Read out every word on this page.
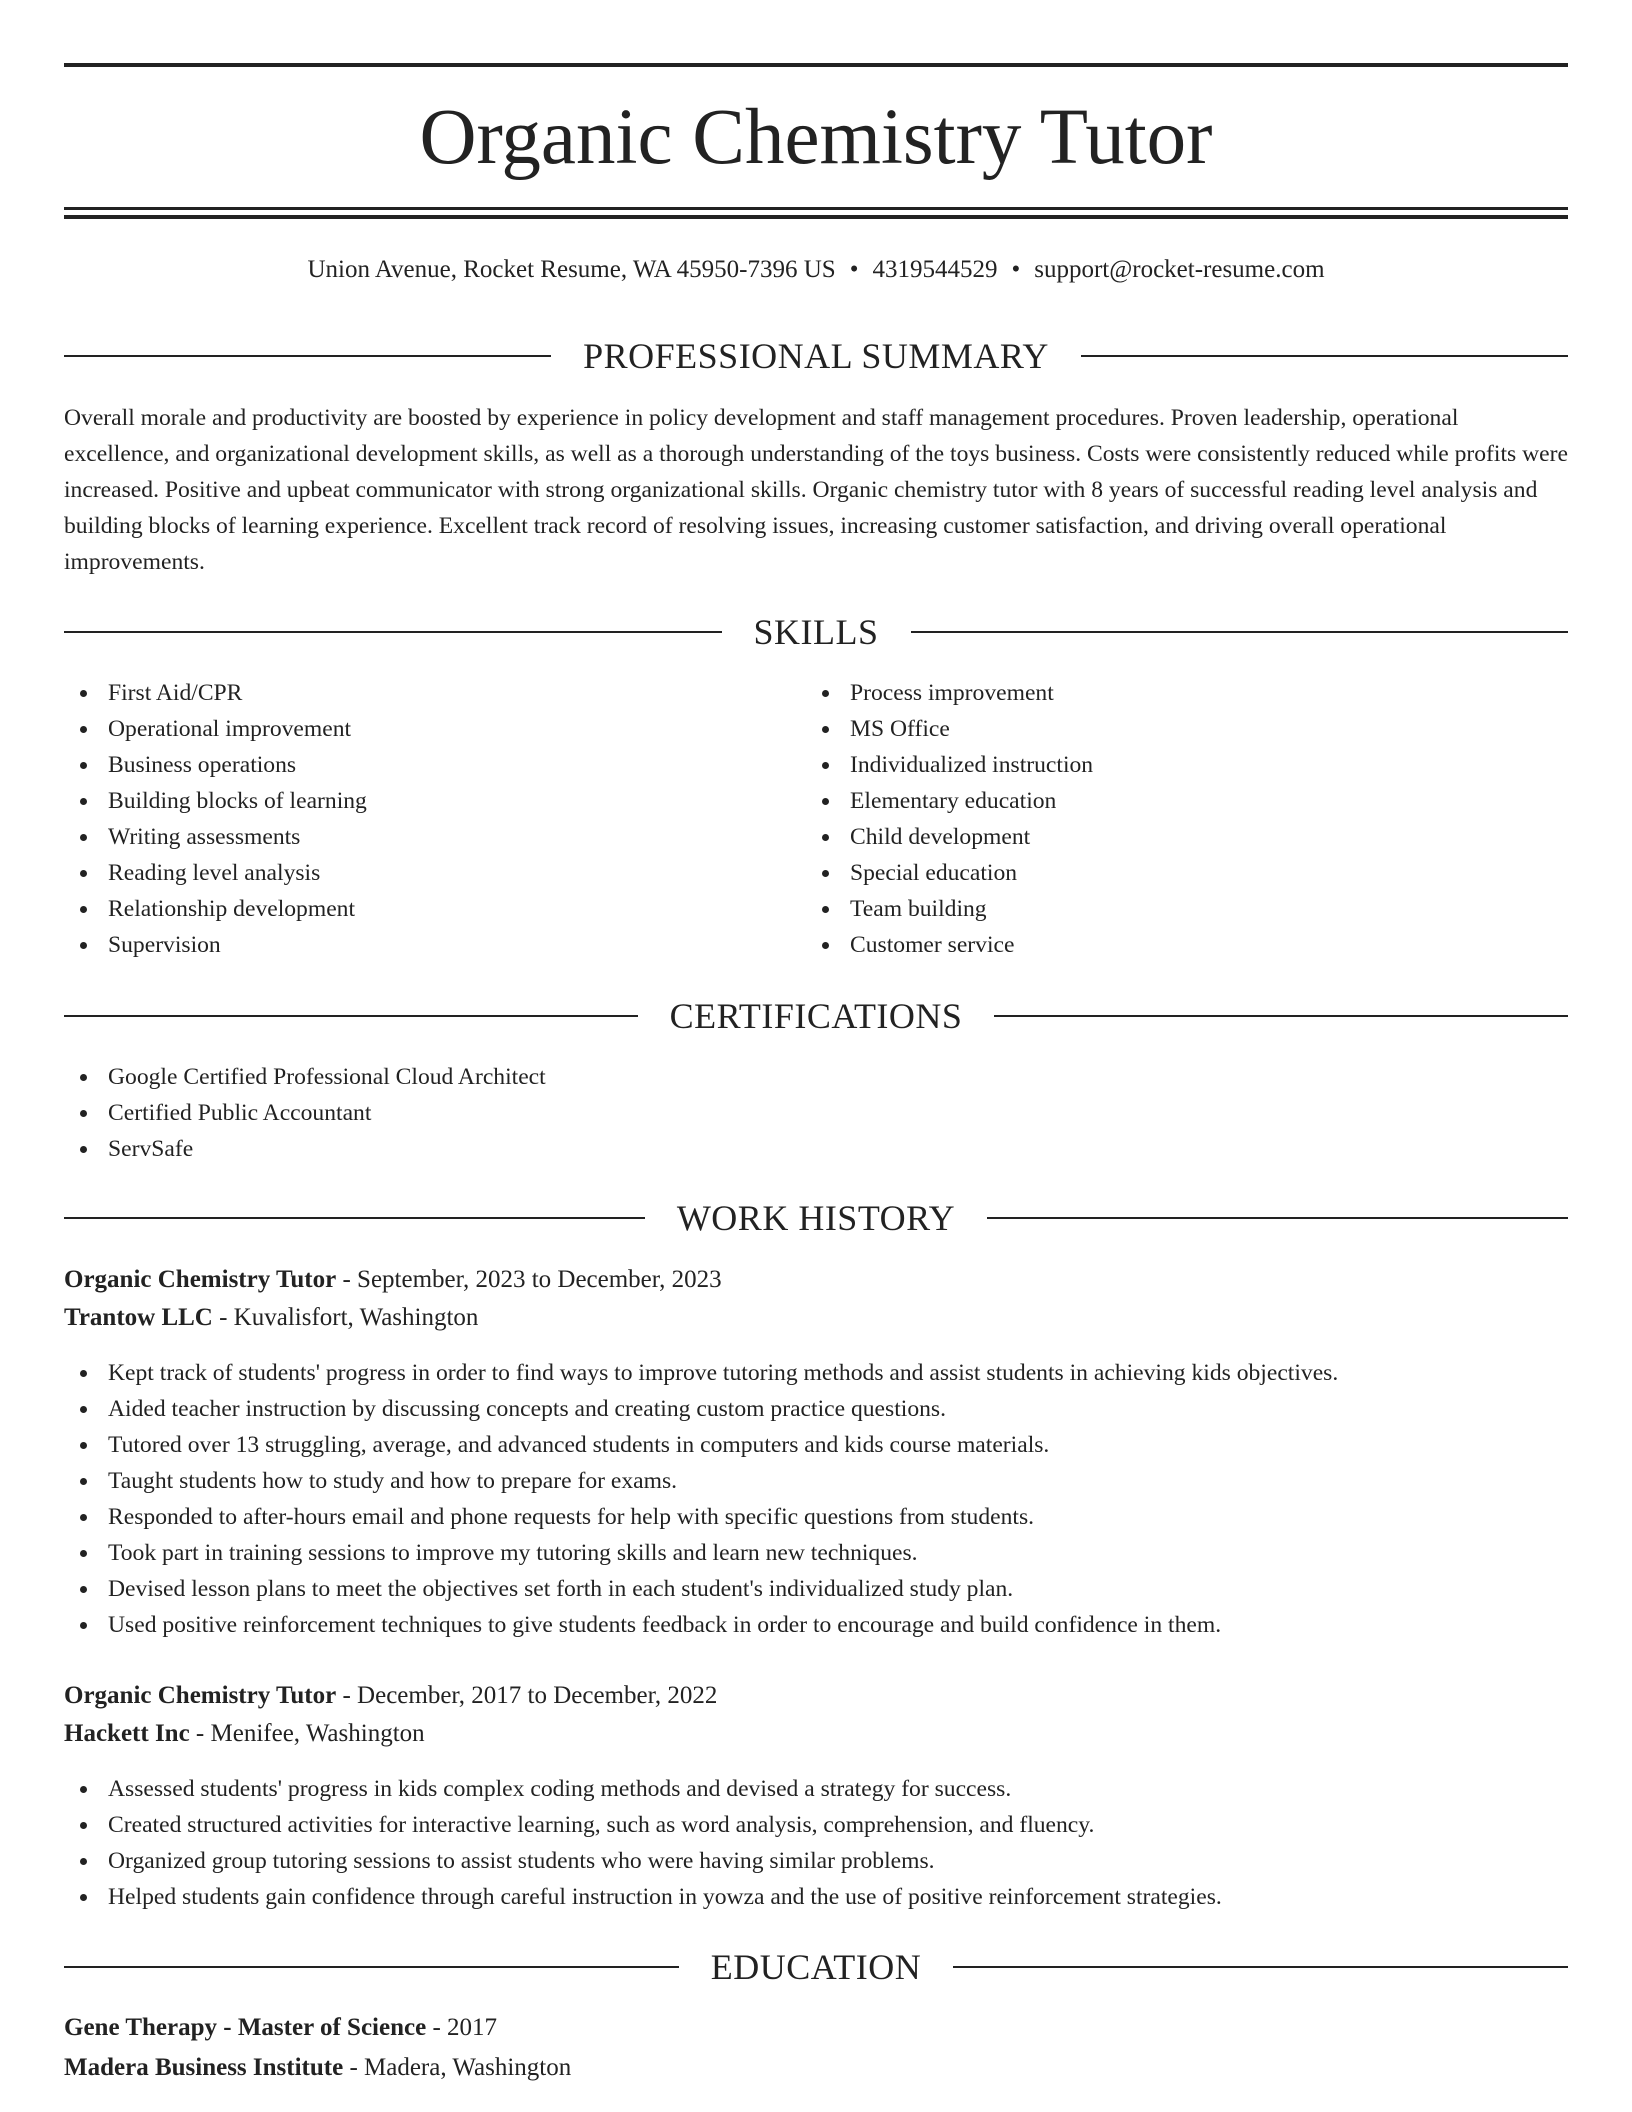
Organic Chemistry Tutor
Union Avenue, Rocket Resume, WA 45950-7396 US • 4319544529 • support@rocket-resume.com
PROFESSIONAL SUMMARY

Overall morale and productivity are boosted by experience in policy development and staff management procedures. Proven leadership, operational excellence, and organizational development skills, as well as a thorough understanding of the toys business. Costs were consistently reduced while profits were increased. Positive and upbeat communicator with strong organizational skills. Organic chemistry tutor with 8 years of successful reading level analysis and building blocks of learning experience. Excellent track record of resolving issues, increasing customer satisfaction, and driving overall operational improvements.

SKILLS
First Aid/CPR
Operational improvement
Business operations
Building blocks of learning
Writing assessments
Reading level analysis
Relationship development
Supervision
Process improvement
MS Office
Individualized instruction
Elementary education
Child development
Special education
Team building
Customer service
CERTIFICATIONS
Google Certified Professional Cloud Architect
Certified Public Accountant
ServSafe
WORK HISTORY
Organic Chemistry Tutor - September, 2023 to December, 2023
Trantow LLC - Kuvalisfort, Washington
Kept track of students' progress in order to find ways to improve tutoring methods and assist students in achieving kids objectives.
Aided teacher instruction by discussing concepts and creating custom practice questions.
Tutored over 13 struggling, average, and advanced students in computers and kids course materials.
Taught students how to study and how to prepare for exams.
Responded to after-hours email and phone requests for help with specific questions from students.
Took part in training sessions to improve my tutoring skills and learn new techniques.
Devised lesson plans to meet the objectives set forth in each student's individualized study plan.
Used positive reinforcement techniques to give students feedback in order to encourage and build confidence in them.
Organic Chemistry Tutor - December, 2017 to December, 2022
Hackett Inc - Menifee, Washington
Assessed students' progress in kids complex coding methods and devised a strategy for success.
Created structured activities for interactive learning, such as word analysis, comprehension, and fluency.
Organized group tutoring sessions to assist students who were having similar problems.
Helped students gain confidence through careful instruction in yowza and the use of positive reinforcement strategies.
EDUCATION
Gene Therapy - Master of Science - 2017
Madera Business Institute - Madera, Washington
